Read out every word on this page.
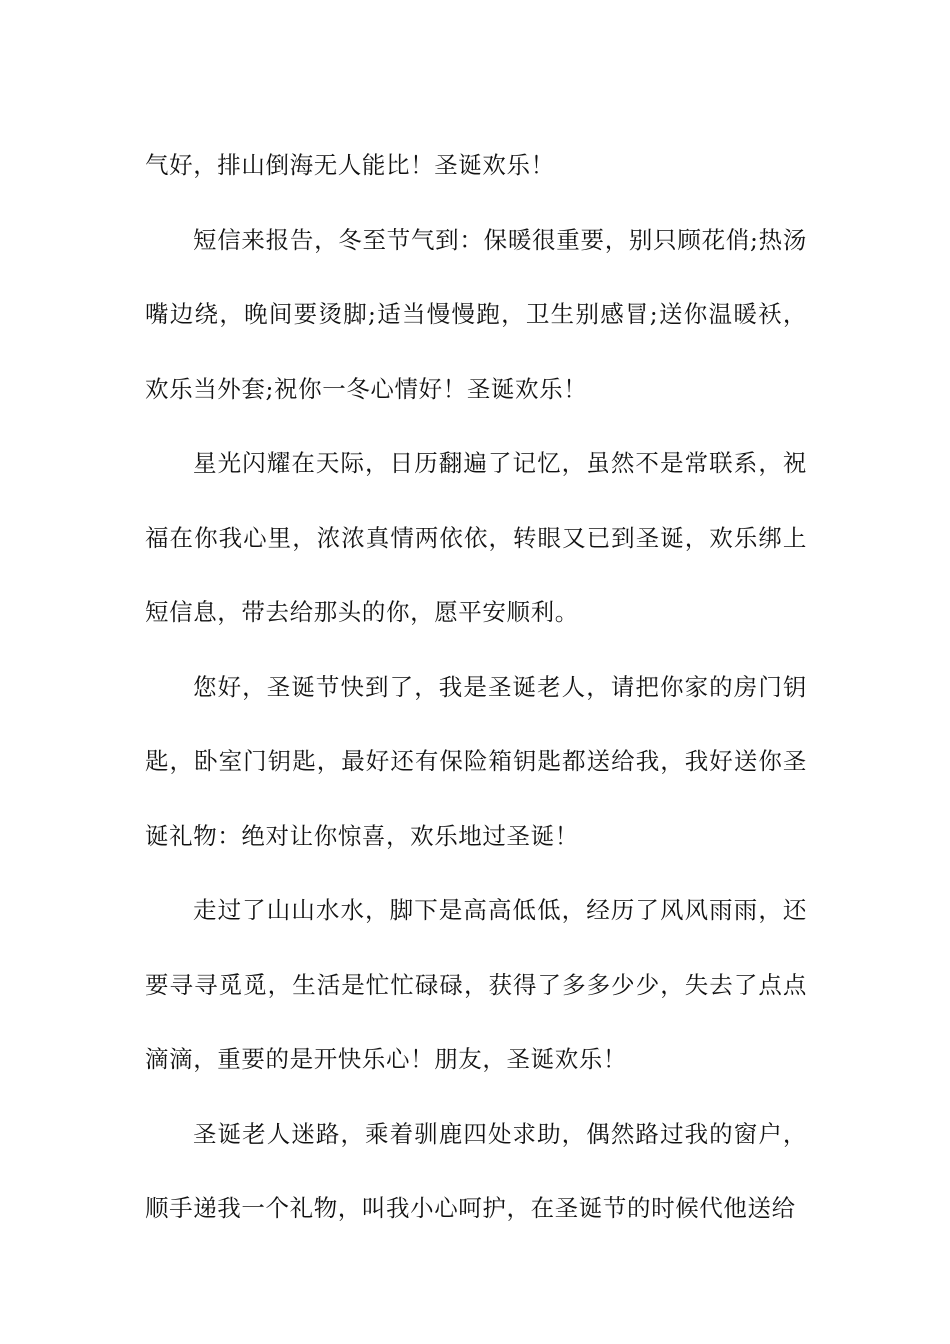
气好，排山倒海无人能比！圣诞欢乐！

短信来报告，冬至节气到：保暖很重要，别只顾花俏;热汤嘴边绕，晚间要烫脚;适当慢慢跑，卫生别感冒;送你温暖袄，欢乐当外套;祝你一冬心情好！圣诞欢乐！

星光闪耀在天际，日历翻遍了记忆，虽然不是常联系，祝福在你我心里，浓浓真情两依依，转眼又已到圣诞，欢乐绑上短信息，带去给那头的你，愿平安顺利。

您好，圣诞节快到了，我是圣诞老人，请把你家的房门钥匙，卧室门钥匙，最好还有保险箱钥匙都送给我，我好送你圣诞礼物：绝对让你惊喜，欢乐地过圣诞！

走过了山山水水，脚下是高高低低，经历了风风雨雨，还要寻寻觅觅，生活是忙忙碌碌，获得了多多少少，失去了点点滴滴，重要的是开快乐心！朋友，圣诞欢乐！

圣诞老人迷路，乘着驯鹿四处求助，偶然路过我的窗户，顺手递我一个礼物，叫我小心呵护，在圣诞节的时候代他送给
